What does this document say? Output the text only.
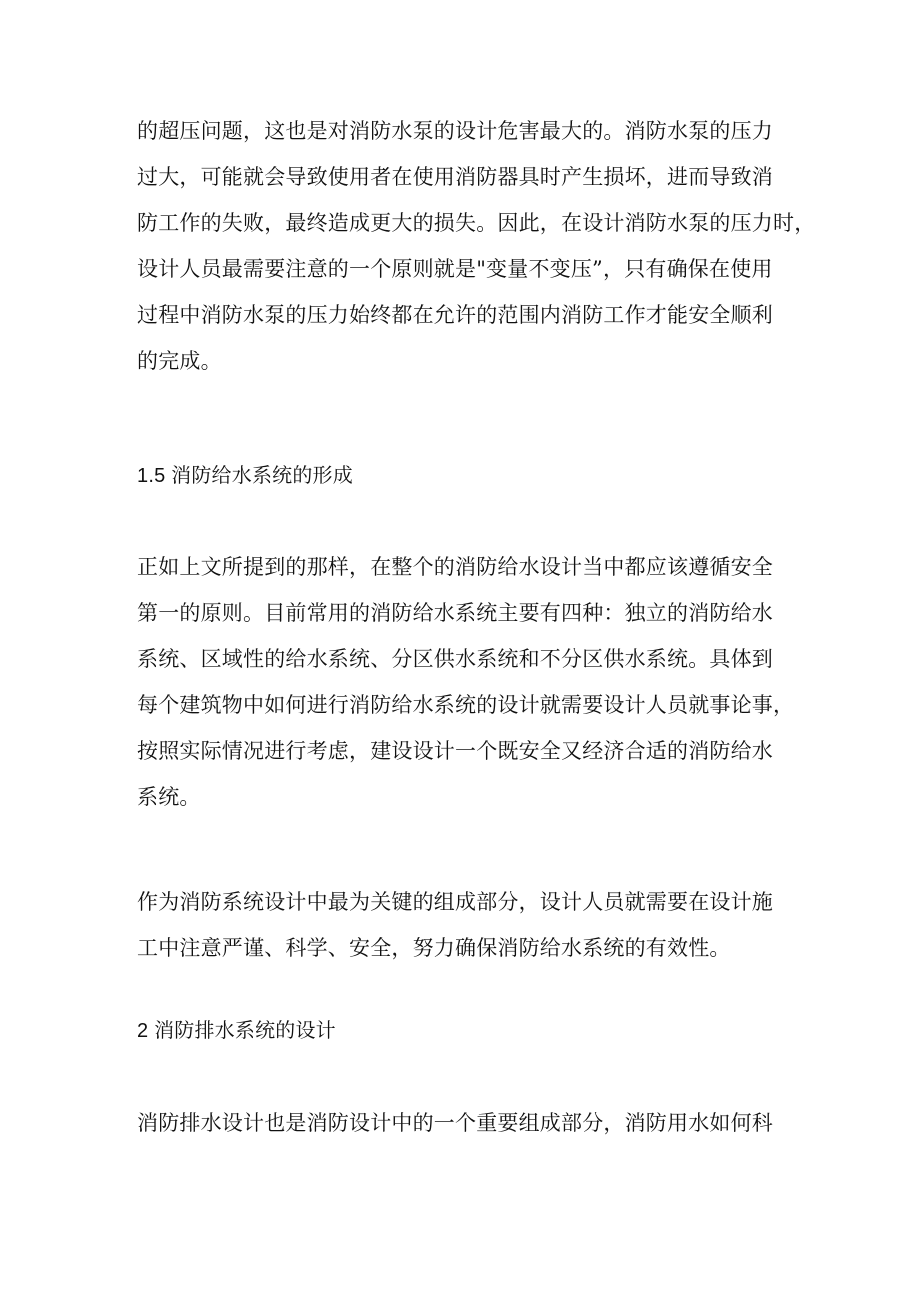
的超压问题，这也是对消防水泵的设计危害最大的。消防水泵的压力
过大，可能就会导致使用者在使用消防器具时产生损坏，进而导致消
防工作的失败，最终造成更大的损失。因此，在设计消防水泵的压力时，
设计人员最需要注意的一个原则就是"变量不变压”，只有确保在使用
过程中消防水泵的压力始终都在允许的范围内消防工作才能安全顺利
的完成。
1.5 消防给水系统的形成
正如上文所提到的那样，在整个的消防给水设计当中都应该遵循安全
第一的原则。目前常用的消防给水系统主要有四种：独立的消防给水
系统、区域性的给水系统、分区供水系统和不分区供水系统。具体到
每个建筑物中如何进行消防给水系统的设计就需要设计人员就事论事，
按照实际情况进行考虑，建设设计一个既安全又经济合适的消防给水
系统。
作为消防系统设计中最为关键的组成部分，设计人员就需要在设计施
工中注意严谨、科学、安全，努力确保消防给水系统的有效性。
2 消防排水系统的设计
消防排水设计也是消防设计中的一个重要组成部分，消防用水如何科
